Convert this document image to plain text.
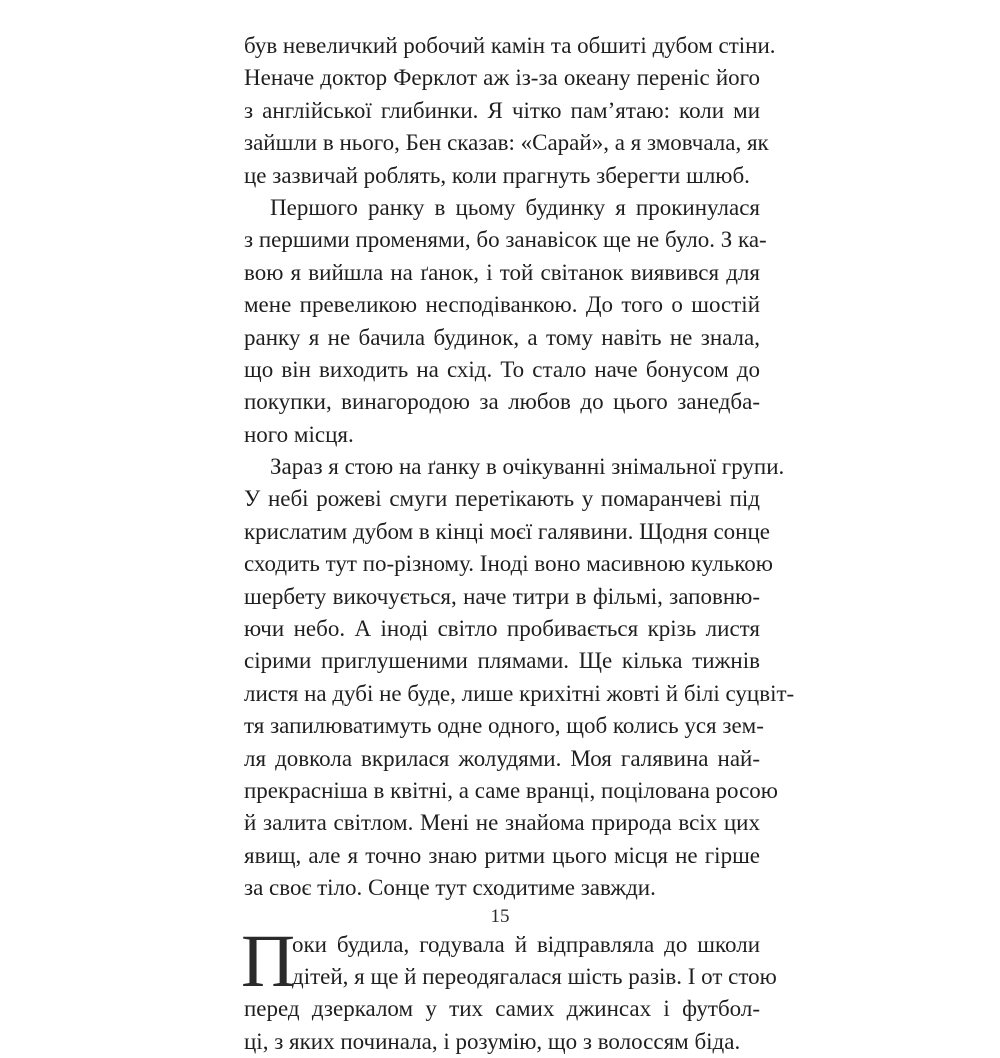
був невеличкий робочий камін та обшиті дубом стіни.
Неначе доктор Ферклот аж із-за океану переніс його
з англійської глибинки. Я чітко пам’ятаю: коли ми
зайшли в нього, Бен сказав: «Сарай», а я змовчала, як
це зазвичай роблять, коли прагнуть зберегти шлюб.
Першого ранку в цьому будинку я прокинулася
з першими променями, бо занавісок ще не було. З ка-
вою я вийшла на ґанок, і той світанок виявився для
мене превеликою несподіванкою. До того о шостій
ранку я не бачила будинок, а тому навіть не знала,
що він виходить на схід. То стало наче бонусом до
покупки, винагородою за любов до цього занедба-
ного місця.
Зараз я стою на ґанку в очікуванні знімальної групи.
У небі рожеві смуги перетікають у помаранчеві під
крислатим дубом в кінці моєї галявини. Щодня сонце
сходить тут по-різному. Іноді воно масивною кулькою
шербету викочується, наче титри в фільмі, заповню-
ючи небо. А іноді світло пробивається крізь листя
сірими приглушеними плямами. Ще кілька тижнів
листя на дубі не буде, лише крихітні жовті й білі суцвіт-
тя запилюватимуть одне одного, щоб колись уся зем-
ля довкола вкрилася жолудями. Моя галявина най-
прекрасніша в квітні, а саме вранці, поцілована росою
й залита світлом. Мені не знайома природа всіх цих
явищ, але я точно знаю ритми цього місця не гірше
за своє тіло. Сонце тут сходитиме завжди.
П
оки будила, годувала й відправляла до школи
дітей, я ще й переодягалася шість разів. І от стою
перед дзеркалом у тих самих джинсах і футбол-
ці, з яких починала, і розумію, що з волоссям біда.
15
